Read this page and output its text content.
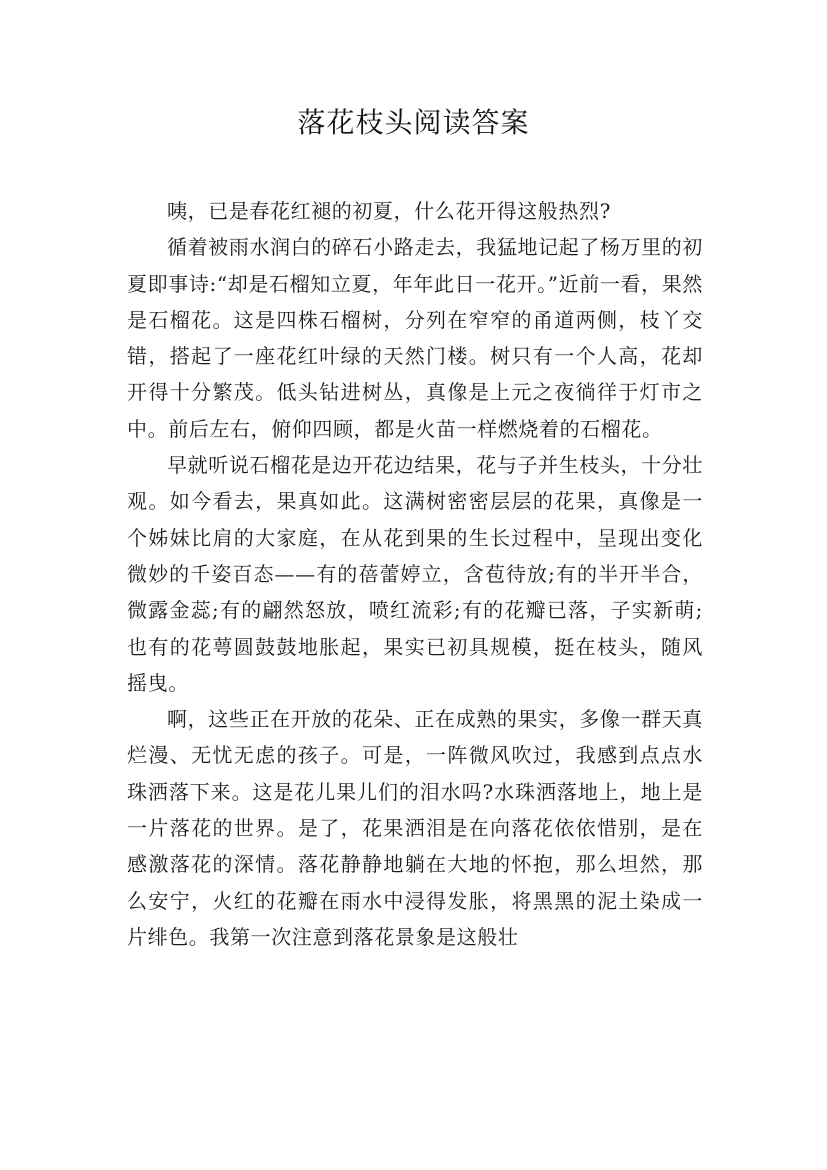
落花枝头阅读答案

咦，已是春花红褪的初夏，什么花开得这般热烈?

循着被雨水润白的碎石小路走去，我猛地记起了杨万里的初夏即事诗:“却是石榴知立夏，年年此日一花开。”近前一看，果然是石榴花。这是四株石榴树，分列在窄窄的甬道两侧，枝丫交错，搭起了一座花红叶绿的天然门楼。树只有一个人高，花却开得十分繁茂。低头钻进树丛，真像是上元之夜徜徉于灯市之中。前后左右，俯仰四顾，都是火苗一样燃烧着的石榴花。

早就听说石榴花是边开花边结果，花与子并生枝头，十分壮观。如今看去，果真如此。这满树密密层层的花果，真像是一个姊妹比肩的大家庭，在从花到果的生长过程中，呈现出变化微妙的千姿百态——有的蓓蕾婷立，含苞待放;有的半开半合，微露金蕊;有的翩然怒放，喷红流彩;有的花瓣已落，子实新萌;也有的花萼圆鼓鼓地胀起，果实已初具规模，挺在枝头，随风摇曳。

啊，这些正在开放的花朵、正在成熟的果实，多像一群天真烂漫、无忧无虑的孩子。可是，一阵微风吹过，我感到点点水珠洒落下来。这是花儿果儿们的泪水吗?水珠洒落地上，地上是一片落花的世界。是了，花果洒泪是在向落花依依惜别，是在感激落花的深情。落花静静地躺在大地的怀抱，那么坦然，那么安宁，火红的花瓣在雨水中浸得发胀，将黑黑的泥土染成一片绯色。我第一次注意到落花景象是这般壮
